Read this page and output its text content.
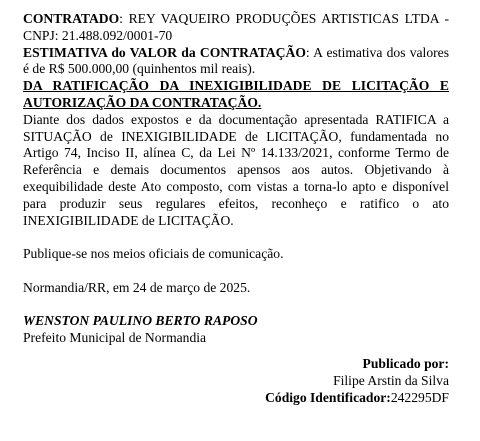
CONTRATADO: REY VAQUEIRO PRODUÇÕES ARTISTICAS LTDA - CNPJ: 21.488.092/0001-70

ESTIMATIVA do VALOR da CONTRATAÇÃO: A estimativa dos valores é de R$ 500.000,00 (quinhentos mil reais).

DA RATIFICAÇÃO DA INEXIGIBILIDADE DE LICITAÇÃO E AUTORIZAÇÃO DA CONTRATAÇÃO.

Diante dos dados expostos e da documentação apresentada RATIFICA a SITUAÇÃO de INEXIGIBILIDADE de LICITAÇÃO, fundamentada no Artigo 74, Inciso II, alínea C, da Lei Nº 14.133/2021, conforme Termo de Referência e demais documentos apensos aos autos. Objetivando à exequibilidade deste Ato composto, com vistas a torna-lo apto e disponível para produzir seus regulares efeitos, reconheço e ratifico o ato INEXIGIBILIDADE de LICITAÇÃO.

Publique-se nos meios oficiais de comunicação.

Normandia/RR, em 24 de março de 2025.

WENSTON PAULINO BERTO RAPOSO

Prefeito Municipal de Normandia

Publicado por:
Filipe Arstin da Silva
Código Identificador:242295DF
